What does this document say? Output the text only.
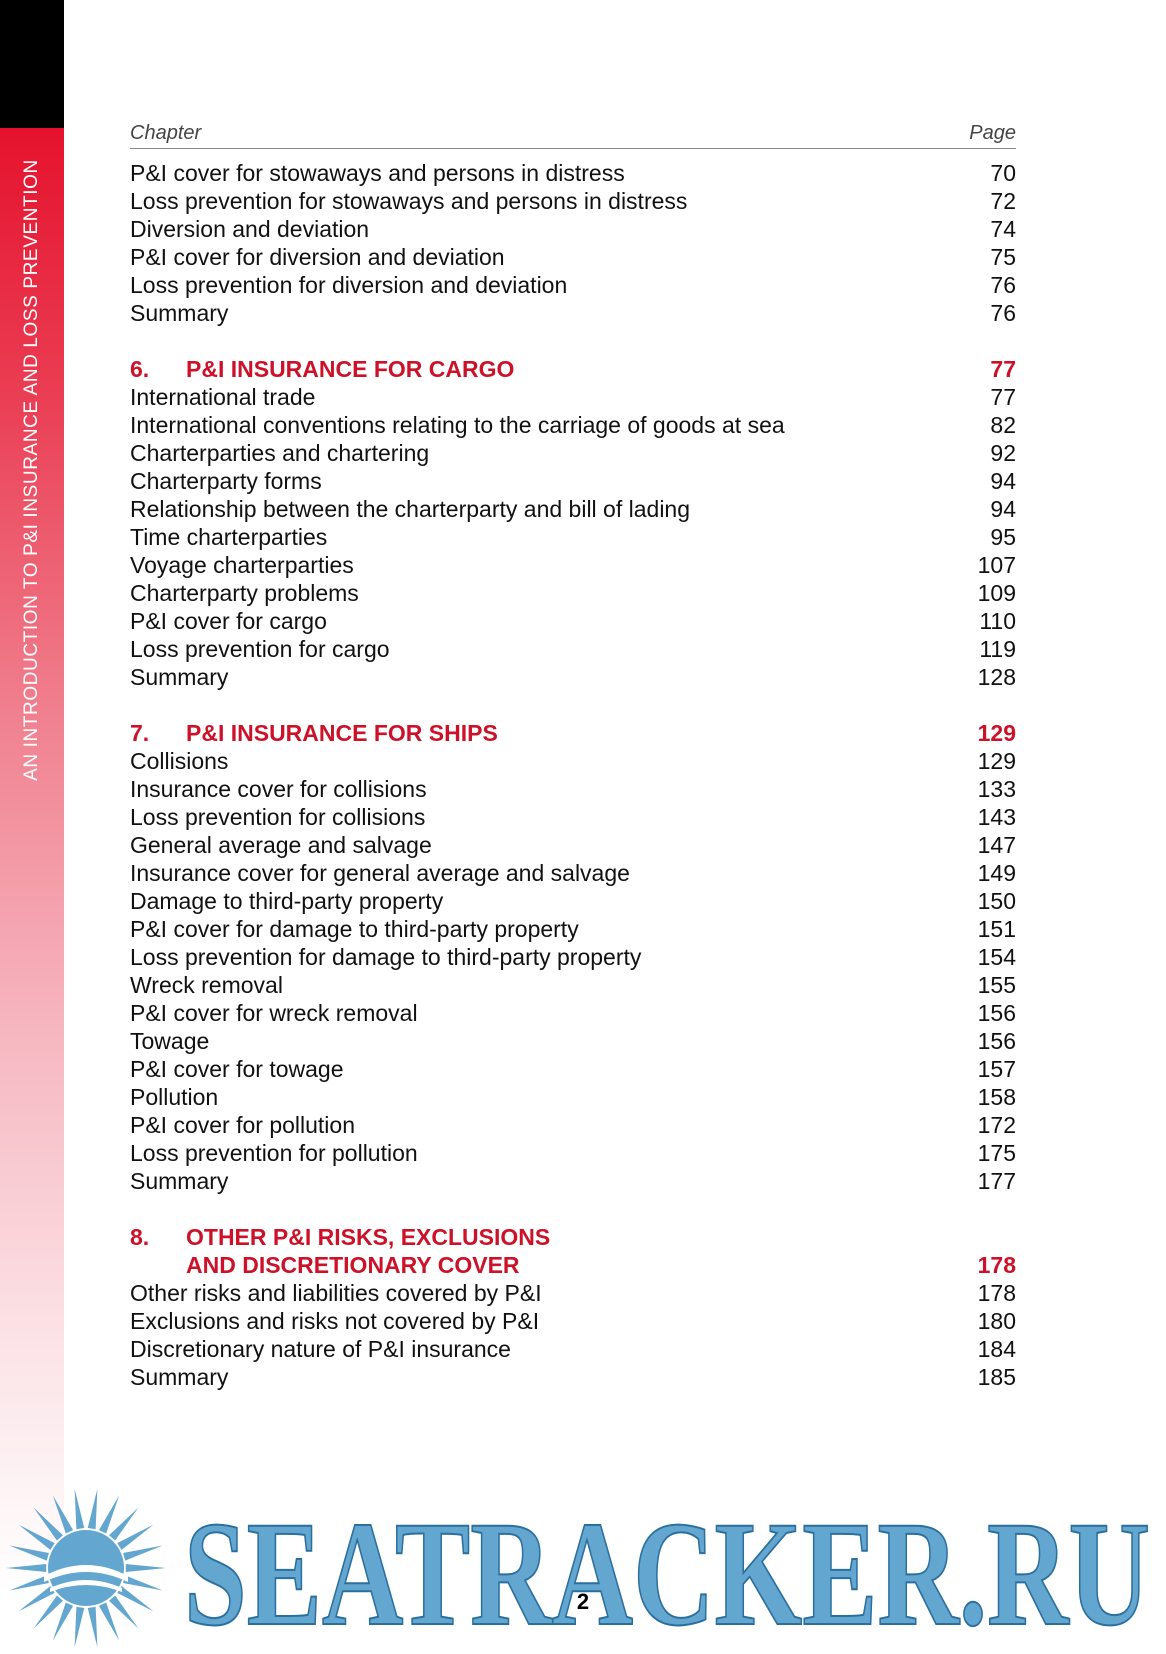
AN INTRODUCTION TO P&I INSURANCE AND LOSS PREVENTION
Chapter	Page
P&I cover for stowaways and persons in distress	70
Loss prevention for stowaways and persons in distress	72
Diversion and deviation	74
P&I cover for diversion and deviation	75
Loss prevention for diversion and deviation	76
Summary	76
6.	P&I INSURANCE FOR CARGO	77
International trade	77
International conventions relating to the carriage of goods at sea	82
Charterparties and chartering	92
Charterparty forms	94
Relationship between the charterparty and bill of lading	94
Time charterparties	95
Voyage charterparties	107
Charterparty problems	109
P&I cover for cargo	110
Loss prevention for cargo	119
Summary	128
7.	P&I INSURANCE FOR SHIPS	129
Collisions	129
Insurance cover for collisions	133
Loss prevention for collisions	143
General average and salvage	147
Insurance cover for general average and salvage	149
Damage to third-party property	150
P&I cover for damage to third-party property	151
Loss prevention for damage to third-party property	154
Wreck removal	155
P&I cover for wreck removal	156
Towage	156
P&I cover for towage	157
Pollution	158
P&I cover for pollution	172
Loss prevention for pollution	175
Summary	177
8.	OTHER P&I RISKS, EXCLUSIONS
AND DISCRETIONARY COVER	178
Other risks and liabilities covered by P&I	178
Exclusions and risks not covered by P&I	180
Discretionary nature of P&I insurance	184
Summary	185
SEATRACKER.RU
2
